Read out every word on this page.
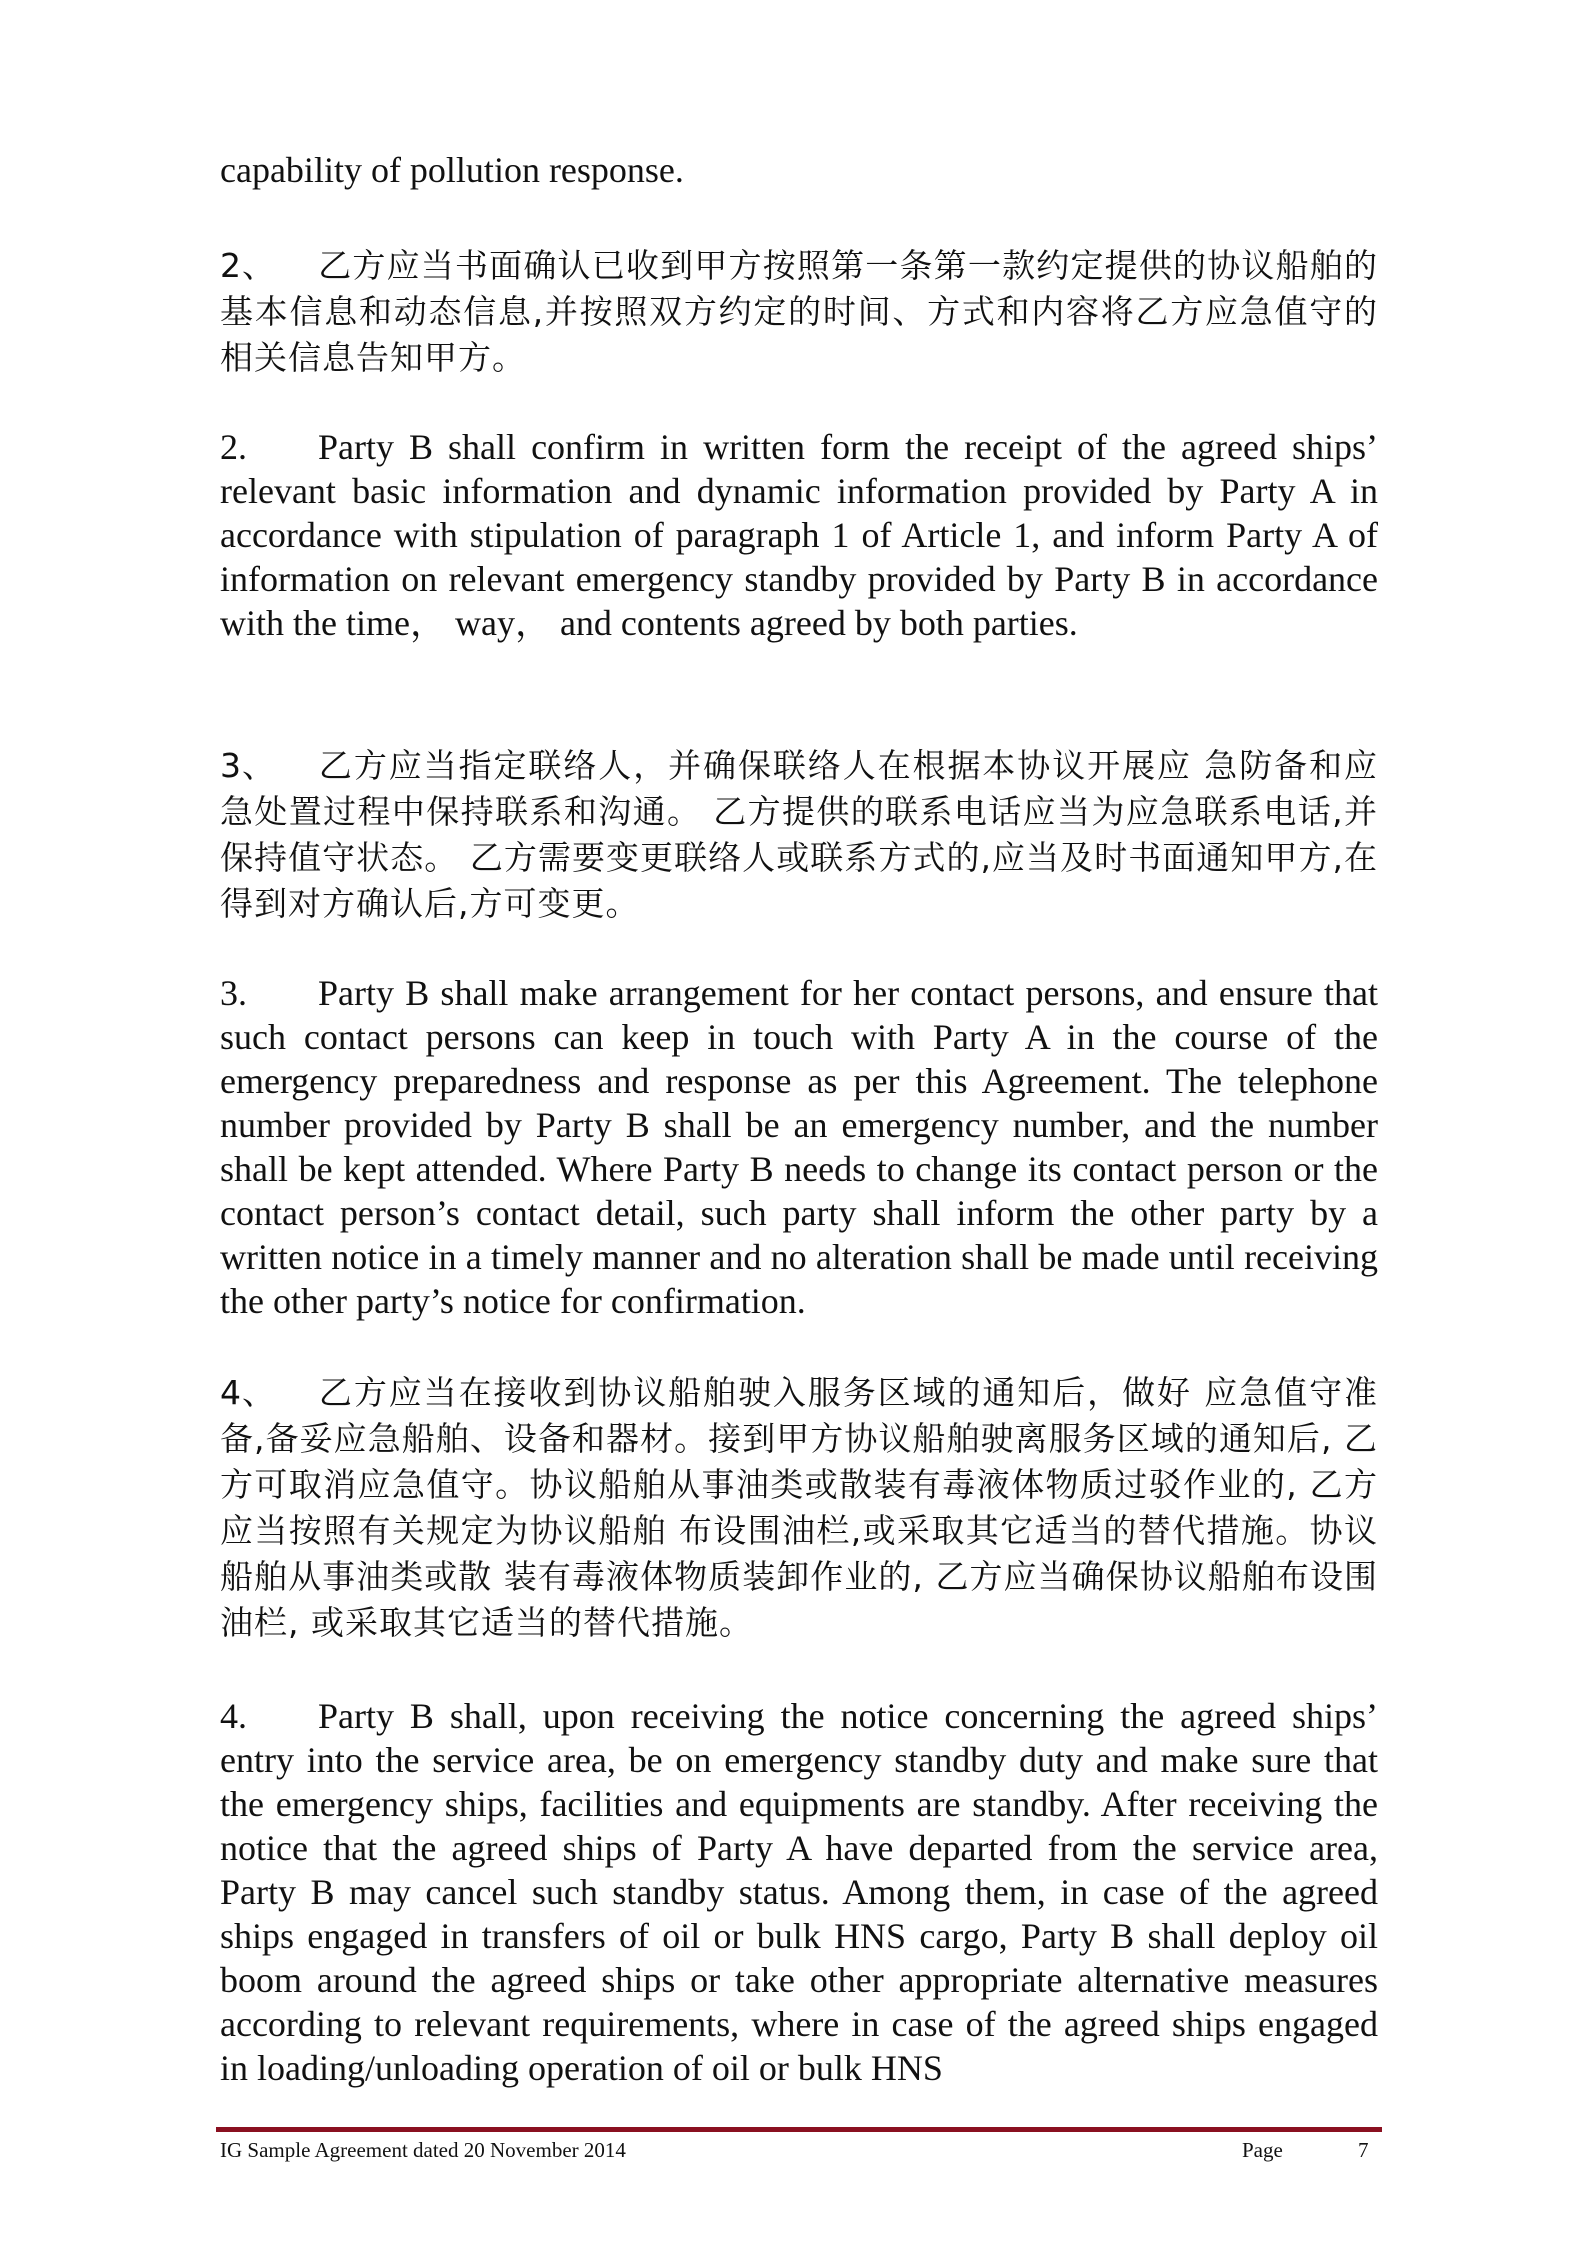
capability of pollution response.

2、 乙方应当书面确认已收到甲方按照第一条第一款约定提供的协议船舶的基本信息和动态信息,并按照双方约定的时间、方式和内容将乙方应急值守的相关信息告知甲方。

2. Party B shall confirm in written form the receipt of the agreed ships’ relevant basic information and dynamic information provided by Party A in accordance with stipulation of paragraph 1 of Article 1, and inform Party A of information on relevant emergency standby provided by Party B in accordance with the time， way， and contents agreed by both parties.

3、 乙方应当指定联络人，并确保联络人在根据本协议开展应 急防备和应急处置过程中保持联系和沟通。 乙方提供的联系电话应当为应急联系电话,并保持值守状态。 乙方需要变更联络人或联系方式的,应当及时书面通知甲方,在得到对方确认后,方可变更。

3. Party B shall make arrangement for her contact persons, and ensure that such contact persons can keep in touch with Party A in the course of the emergency preparedness and response as per this Agreement. The telephone number provided by Party B shall be an emergency number, and the number shall be kept attended. Where Party B needs to change its contact person or the contact person’s contact detail, such party shall inform the other party by a written notice in a timely manner and no alteration shall be made until receiving the other party’s notice for confirmation.

4、 乙方应当在接收到协议船舶驶入服务区域的通知后，做好 应急值守准备,备妥应急船舶、设备和器材。接到甲方协议船舶驶离服务区域的通知后, 乙方可取消应急值守。协议船舶从事油类或散装有毒液体物质过驳作业的, 乙方应当按照有关规定为协议船舶 布设围油栏,或采取其它适当的替代措施。协议船舶从事油类或散 装有毒液体物质装卸作业的, 乙方应当确保协议船舶布设围油栏, 或采取其它适当的替代措施。

4. Party B shall, upon receiving the notice concerning the agreed ships’ entry into the service area, be on emergency standby duty and make sure that the emergency ships, facilities and equipments are standby. After receiving the notice that the agreed ships of Party A have departed from the service area, Party B may cancel such standby status. Among them, in case of the agreed ships engaged in transfers of oil or bulk HNS cargo, Party B shall deploy oil boom around the agreed ships or take other appropriate alternative measures according to relevant requirements, where in case of the agreed ships engaged in loading/unloading operation of oil or bulk HNS

IG Sample Agreement dated 20 November 2014	Page	7
